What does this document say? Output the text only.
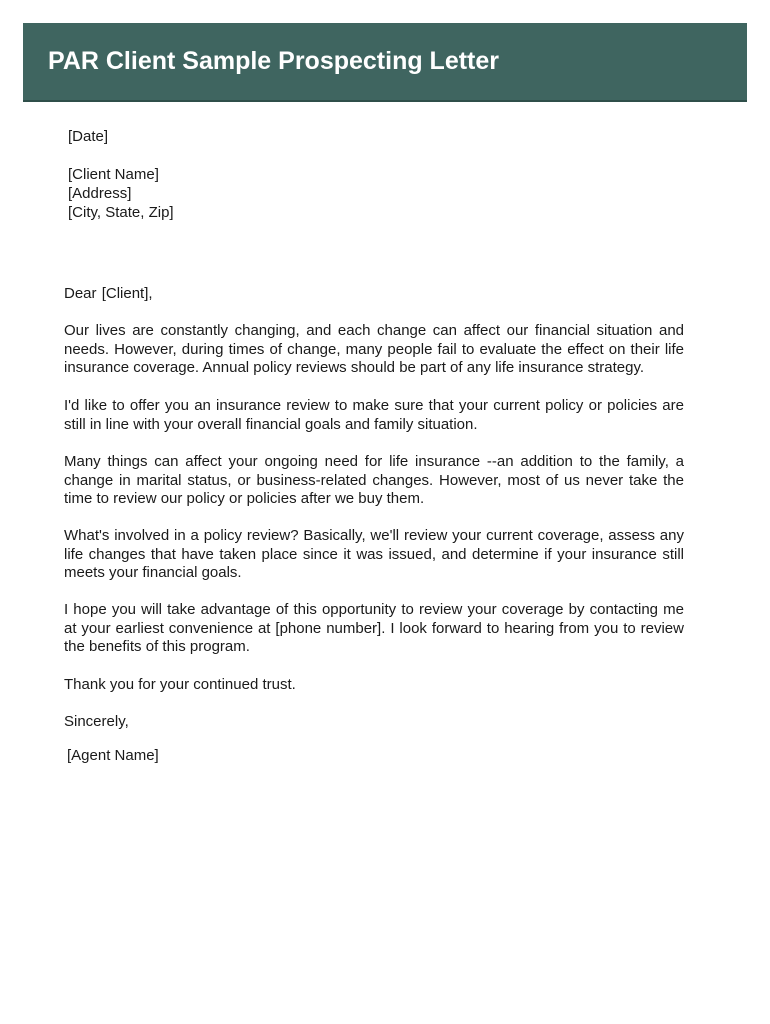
PAR Client Sample Prospecting Letter
[Date]
[Client Name]
[Address]
[City, State, Zip]
Dear [Client],

Our lives are constantly changing, and each change can affect our financial situation and needs. However, during times of change, many people fail to evaluate the effect on their life insurance coverage. Annual policy reviews should be part of any life insurance strategy.

I'd like to offer you an insurance review to make sure that your current policy or policies are still in line with your overall financial goals and family situation.

Many things can affect your ongoing need for life insurance --an addition to the family, a change in marital status, or business-related changes. However, most of us never take the time to review our policy or policies after we buy them.

What's involved in a policy review? Basically, we'll review your current coverage, assess any life changes that have taken place since it was issued, and determine if your insurance still meets your financial goals.

I hope you will take advantage of this opportunity to review your coverage by contacting me at your earliest convenience at [phone number]. I look forward to hearing from you to review the benefits of this program.

Thank you for your continued trust.
Sincerely,
[Agent Name]
